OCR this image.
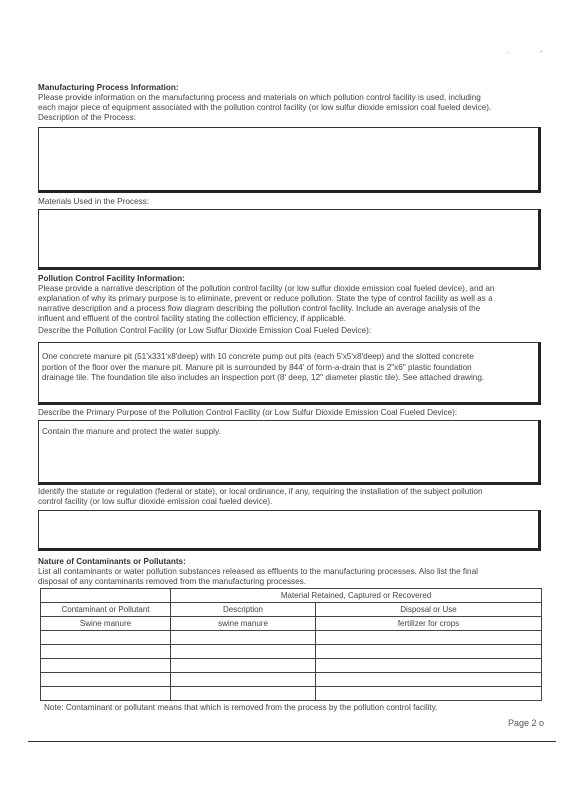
'	*
Manufacturing Process Information:
Please provide information on the manufacturing process and materials on which pollution control facility is used, including
each major piece of equipment associated with the pollution control facility (or low sulfur dioxide emission coal fueled device).
Description of the Process:
Materials Used in the Process:
Pollution Control Facility Information:
Please provide a narrative description of the pollution control facility (or low sulfur dioxide emission coal fueled device), and an
explanation of why its primary purpose is to eliminate, prevent or reduce pollution. State the type of control facility as well as a
narrative description and a process flow diagram describing the pollution control facility. Include an average analysis of the
influent and effluent of the control facility stating the collection efficiency, if applicable.
Describe the Pollution Control Facility (or Low Sulfur Dioxide Emission Coal Fueled Device):
One concrete manure pit (51'x331'x8'deep) with 10 concrete pump out pits (each 5'x5'x8'deep) and the slotted concrete
portion of the floor over the manure pit. Manure pit is surrounded by 844' of form-a-drain that is 2"x6" plastic foundation
drainage tile. The foundation tile also includes an inspection port (8' deep, 12" diameter plastic tile). See attached drawing.
Describe the Primary Purpose of the Pollution Control Facility (or Low Sulfur Dioxide Emission Coal Fueled Device):
Contain the manure and protect the water supply.
Identify the statute or regulation (federal or state), or local ordinance, if any, requiring the installation of the subject pollution
control facility (or low sulfur dioxide emission coal fueled device).
Nature of Contaminants or Pollutants:
List all contaminants or water pollution substances released as effluents to the manufacturing processes. Also list the final
disposal of any contaminants removed from the manufacturing processes.
	Material Retained, Captured or Recovered	
Contaminant or Pollutant	Description	Disposal or Use
Swine manure	swine manure	fertilizer for crops

Note: Contaminant or pollutant means that which is removed from the process by the pollution control facility.
Page 2 o
